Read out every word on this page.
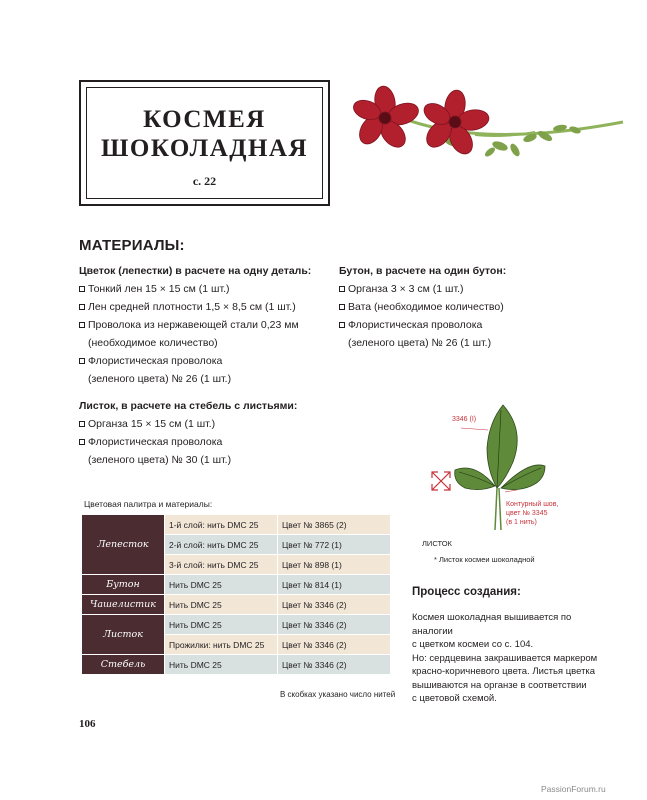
КОСМЕЯ
ШОКОЛАДНАЯ
с. 22
МАТЕРИАЛЫ:
Цветок (лепестки) в расчете на одну деталь:
Тонкий лен 15 × 15 см (1 шт.)
Лен средней плотности 1,5 × 8,5 см (1 шт.)
Проволока из нержавеющей стали 0,23 мм
(необходимое количество)
Флористическая проволока
(зеленого цвета) № 26 (1 шт.)
Листок, в расчете на стебель с листьями:
Органза 15 × 15 см (1 шт.)
Флористическая проволока
(зеленого цвета) № 30 (1 шт.)
Бутон, в расчете на один бутон:
Органза 3 × 3 см (1 шт.)
Вата (необходимое количество)
Флористическая проволока
(зеленого цвета) № 26 (1 шт.)
3346 (I)
Контурный шов,
цвет № 3345
(в 1 нить)
ЛИСТОК
* Листок космеи шоколадной
Цветовая палитра и материалы:
Лепесток	1-й слой: нить DMC 25	Цвет № 3865 (2)
	2-й слой: нить DMC 25	Цвет № 772 (1)
	3-й слой: нить DMC 25	Цвет № 898 (1)
Бутон	Нить DMC 25	Цвет № 814 (1)
Чашелистик	Нить DMC 25	Цвет № 3346 (2)
Листок	Нить DMC 25	Цвет № 3346 (2)
	Прожилки: нить DMC 25	Цвет № 3346 (2)
Стебель	Нить DMC 25	Цвет № 3346 (2)
В скобках указано число нитей
Процесс создания:
Космея шоколадная вышивается по аналогии
с цветком космеи со с. 104.
Но: сердцевина закрашивается маркером
красно-коричневого цвета. Листья цветка
вышиваются на органзе в соответствии
с цветовой схемой.
106
PassionForum.ru
